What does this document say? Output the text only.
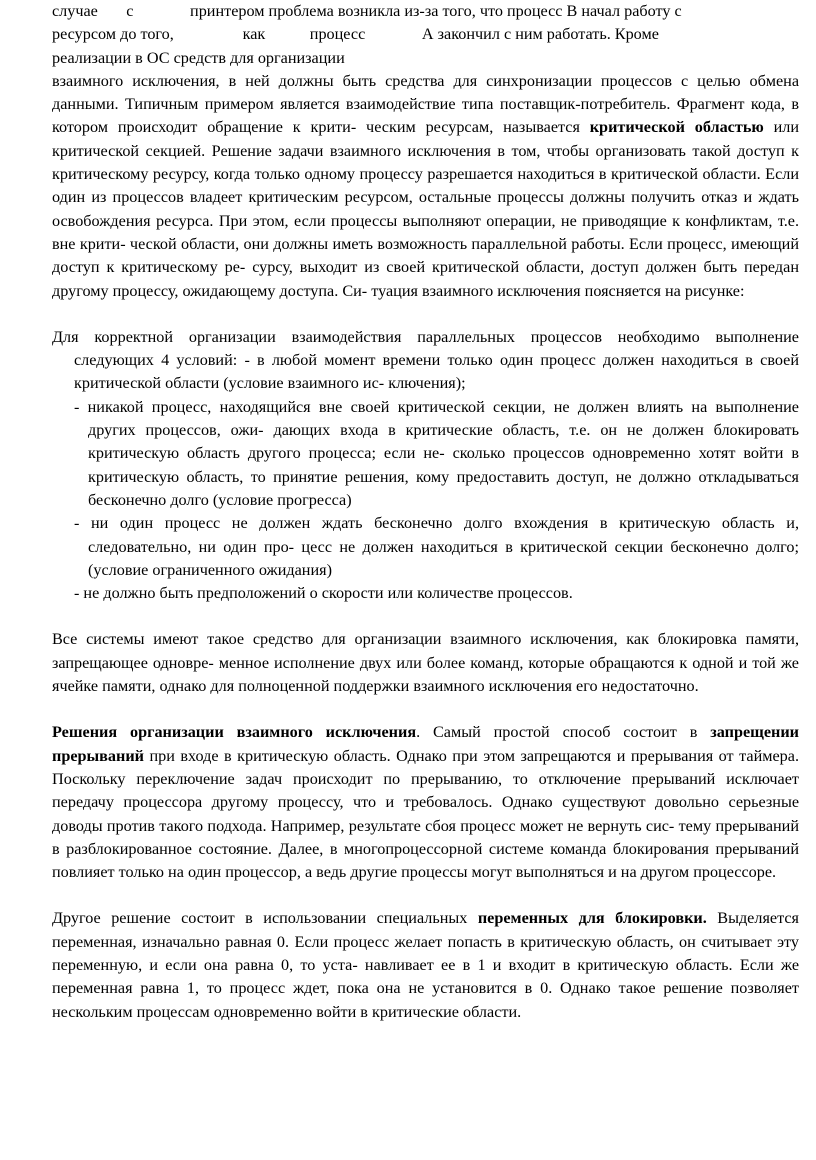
случае       с              принтером проблема возникла из-за того, что процесс В начал работу с
ресурсом до того,                 как           процесс              А закончил с ним работать. Кроме
реализации в ОС средств для организации

взаимного исключения, в ней должны быть средства для синхронизации процессов с целью обмена данными. Типичным примером является взаимодействие типа поставщик-потребитель. Фрагмент кода, в котором происходит обращение к крити- ческим ресурсам, называется критической областью или критической секцией. Решение задачи взаимного исключения в том, чтобы организовать такой доступ к критическому ресурсу, когда только одному процессу разрешается находиться в критической области. Если один из процессов владеет критическим ресурсом, остальные процессы должны получить отказ и ждать освобождения ресурса. При этом, если процессы выполняют операции, не приводящие к конфликтам, т.е. вне крити- ческой области, они должны иметь возможность параллельной работы. Если процесс, имеющий доступ к критическому ре- сурсу, выходит из своей критической области, доступ должен быть передан другому процессу, ожидающему доступа. Си- туация взаимного исключения поясняется на рисунке:

Для корректной организации взаимодействия параллельных процессов необходимо выполнение следующих 4 условий: - в любой момент времени только один процесс должен находиться в своей критической области (условие взаимного ис- ключения);

- никакой процесс, находящийся вне своей критической секции, не должен влиять на выполнение других процессов, ожи- дающих входа в критические область, т.е. он не должен блокировать критическую область другого процесса; если не- сколько процессов одновременно хотят войти в критическую область, то принятие решения, кому предоставить доступ, не должно откладываться бесконечно долго (условие прогресса)

- ни один процесс не должен ждать бесконечно долго вхождения в критическую область и, следовательно, ни один про- цесс не должен находиться в критической секции бесконечно долго; (условие ограниченного ожидания)

- не должно быть предположений о скорости или количестве процессов.

Все системы имеют такое средство для организации взаимного исключения, как блокировка памяти, запрещающее одновре- менное исполнение двух или более команд, которые обращаются к одной и той же ячейке памяти, однако для полноценной поддержки взаимного исключения его недостаточно.

Решения организации взаимного исключения. Самый простой способ состоит в запрещении прерываний при входе в критическую область. Однако при этом запрещаются и прерывания от таймера. Поскольку переключение задач происходит по прерыванию, то отключение прерываний исключает передачу процессора другому процессу, что и требовалось. Однако существуют довольно серьезные доводы против такого подхода. Например, результате сбоя процесс может не вернуть сис- тему прерываний в разблокированное состояние. Далее, в многопроцессорной системе команда блокирования прерываний повлияет только на один процессор, а ведь другие процессы могут выполняться и на другом процессоре.

Другое решение состоит в использовании специальных переменных для блокировки. Выделяется переменная, изначально равная 0. Если процесс желает попасть в критическую область, он считывает эту переменную, и если она равна 0, то уста- навливает ее в 1 и входит в критическую область. Если же переменная равна 1, то процесс ждет, пока она не установится в 0. Однако такое решение позволяет нескольким процессам одновременно войти в критические области.
